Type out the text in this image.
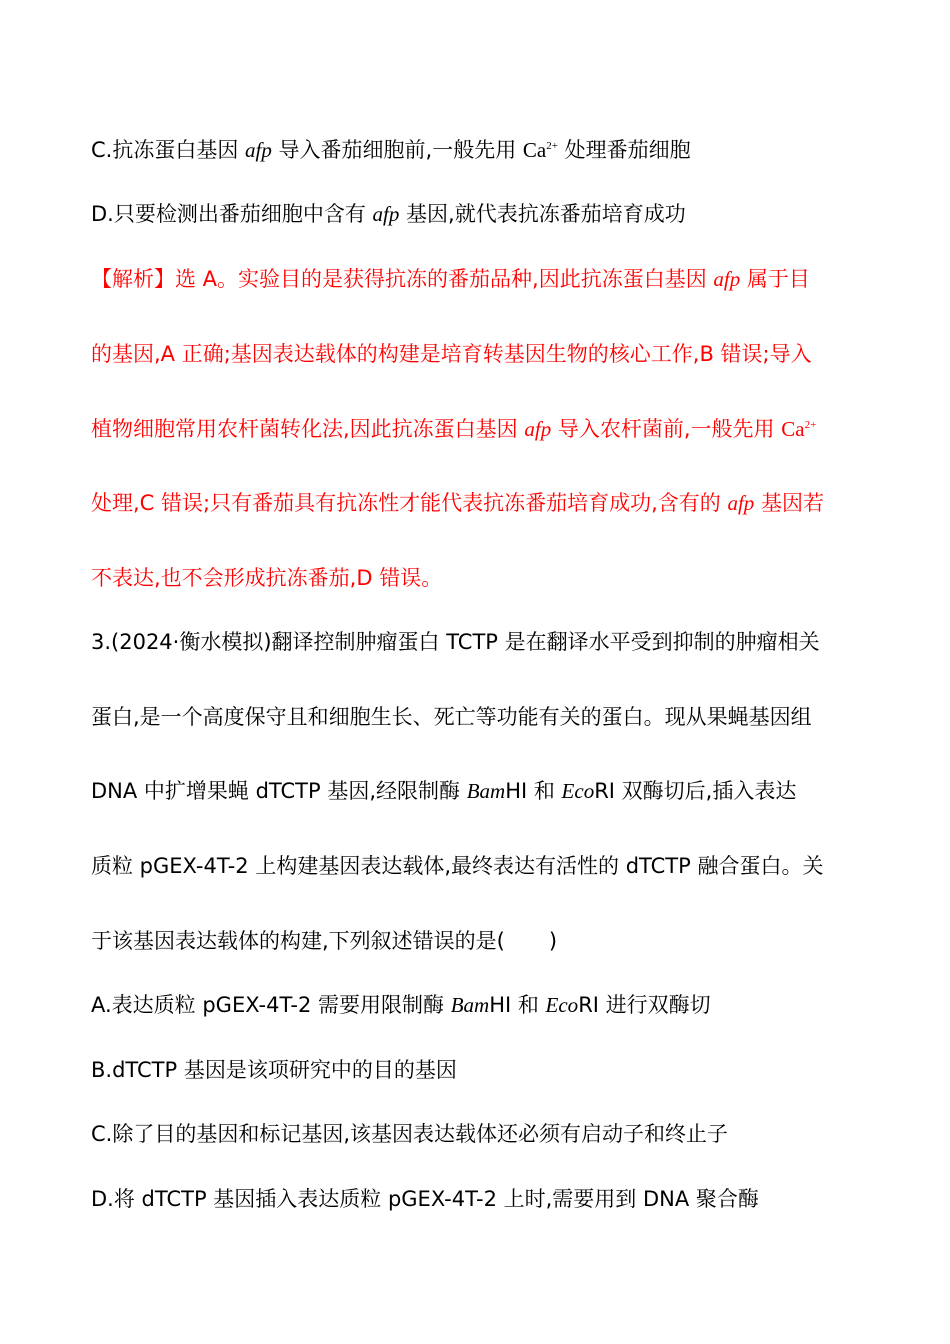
C.抗冻蛋白基因 afp 导入番茄细胞前,一般先用 $Ca^{2+}$ 处理番茄细胞
D.只要检测出番茄细胞中含有 afp 基因,就代表抗冻番茄培育成功
【解析】选 A。实验目的是获得抗冻的番茄品种,因此抗冻蛋白基因 afp 属于目
的基因,A 正确;基因表达载体的构建是培育转基因生物的核心工作,B 错误;导入
植物细胞常用农杆菌转化法,因此抗冻蛋白基因 afp 导入农杆菌前,一般先用 $Ca^{2+}$
处理,C 错误;只有番茄具有抗冻性才能代表抗冻番茄培育成功,含有的 afp 基因若
不表达,也不会形成抗冻番茄,D 错误。
3.(2024·衡水模拟)翻译控制肿瘤蛋白 TCTP 是在翻译水平受到抑制的肿瘤相关
蛋白,是一个高度保守且和细胞生长、死亡等功能有关的蛋白。现从果蝇基因组
DNA 中扩增果蝇 dTCTP 基因,经限制酶 BamHⅠ 和 EcoRⅠ 双酶切后,插入表达
质粒 pGEX-4T-2 上构建基因表达载体,最终表达有活性的 dTCTP 融合蛋白。关
于该基因表达载体的构建,下列叙述错误的是( )
A.表达质粒 pGEX-4T-2 需要用限制酶 BamHⅠ 和 EcoRⅠ 进行双酶切
B.dTCTP 基因是该项研究中的目的基因
C.除了目的基因和标记基因,该基因表达载体还必须有启动子和终止子
D.将 dTCTP 基因插入表达质粒 pGEX-4T-2 上时,需要用到 DNA 聚合酶
